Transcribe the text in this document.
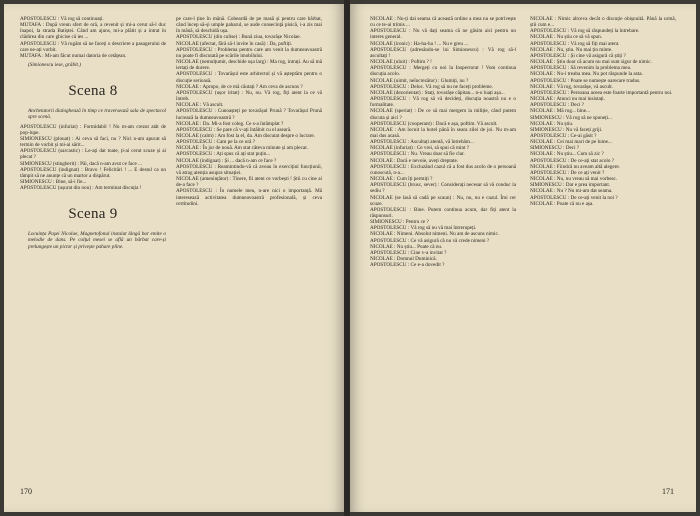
APOSTOLESCU : Vă rog să continuați.

MUTAFA : După vreun sfert de oră, a revenit și mi-a cerut să-l duc înapoi, la strada Batiștei. Când am ajuns, mi-a plătit și a intrat în clădirea din care ghicise că ies ...

APOSTOLESCU : Vă rugăm să ne faceți o descriere a pasagerului de care ne-ați vorbit.

MUTAFA : Mi-am făcut numai datoria de cetățean.

(Simionescu iese, grăbit.)

Scena 8

Anchetatorii dialoghează în timp ce traversează sala de spectacol spre scenă.

APOSTOLESCU (infuriat) : Formidabil ! Nu m-am crezut atât de pop-lupe.

SIMIONESCU (plouat) : Ai ceva să faci, nu ? Nici n-am apucat să termin de vorbit și mi-ai sărit...

APOSTOLESCU (sarcastic) : Le-ați dat toate, ți-ai cerut scuze și ai plecat ?

SIMIONESCU (stingherit) : Păi, dacă n-am avut ce face ...

APOSTOLESCU (indignat) : Bravo ! Felicitări ! ... E destul ca un tâmpit să ne anunțe că un martor a dispărut.

SIMIONESCU : Bine, să-i fie...

APOSTOLESCU (ușurat din nou) : Am terminat discuția !

Scena 9

Locuința Paşei Nicolae, Magnetofonul instalat lângă bar emite o melodie de dans. Pe colțul mesei se află un bărbat care-și prelungește un pictor și privește pahare pline.

pe care-l ține în mână. Cobeardă de pe masă și pentru care bărbat, când încep să-și umple paharul, se aude consecință pisică, i-a zis mai în mână, să deschidă ușa.

APOSTOLESCU (din culise) : Bună ziua, tovarășe Nicolae.

NICOLAE (afectat, fără să-l invite în casă) : Da, poftiți.

APOSTOLESCU : Problema pentru care am venit la dumneavoastră nu poate fi discutată pe scările imobilului.

NICOLAE (nemulțumit, deschide ușa larg) : Ma rog, intrați. Au să mă iertați de durere.

APOSTOLESCU : Tovarășul este arhitectul și vă așteptăm pentru o discuție serioasă.

NICOLAE : Apropo, de ce mă căutați ? Am ceva de ascuns ?

APOSTOLESCU (ușor iritat) : Nu, nu. Vă rog, fiți atent la ce vă întreb.

NICOLAE : Vă ascult.

APOSTOLESCU : Cunoașteți pe tovarășul Prună ? Tovarășul Prună lucrează la dumneavoastră ?

NICOLAE : Da. Mi-a fost coleg. Ce s-a întâmplat ?

APOSTOLESCU : Se pare că v-ați întâlnit cu el aseară.

NICOLAE (calm) : Am fost la el, da. Am discutat despre o lucrare.

APOSTOLESCU : Cam pe la ce oră ?

NICOLAE : În jur de nouă. Am stat câteva minute și am plecat.

APOSTOLESCU : Ați spus că ați stat puțin...

NICOLAE (indignat) : Și ... dacă n-am ce face ?

APOSTOLESCU : Reamintindu-vă că aveau în exercițiul funcțiunii, vă atrag atenția asupra situației.

NICOLAE (amenințător) : Tinere, fii atent ce vorbești ! Știi cu cine ai de-a face ?

APOSTOLESCU : În numele meu, n-are nici o importanță. Mă interesează activitatea dumneavoastră profesională, și ceva certitudini.

170

NICOLAE : Nu-ți dai seama că această ordine a mea nu se potrivește cu ce te-ai trimis ...

APOSTOLESCU : Nu vă dați seama că ne găsim aici pentru un interes general.

NICOLAE (ironic) : Ha-ha-ha ! ... Nu e greu ...

APOSTOLESCU (adresându-se lui Simionescu) : Vă rog să-l ascultați !

NICOLAE (uluit) : Poftim ? !

APOSTOLESCU : Mergeți cu noi la Inspectorat ! Vom continua discuția acolo.

NICOLAE (uimit, neîncrezător) : Glumiți, nu ?

APOSTOLESCU : Deloc. Vă rog să nu ne faceți probleme.

NICOLAE (dezorientat) : Stați, tovarășe căpitan... n-o luați așa...

APOSTOLESCU : Vă rog să vă decideți, discuția noastră nu e o formalitate.

NICOLAE (speriat) : De ce să mai mergem la miliție, când putem discuta și aici ?

APOSTOLESCU (cooperant) : Dacă e așa, poftim. Vă ascult.

NICOLAE : Am locuit la hotel până în seara zilei de joi. Nu m-am mai dus acasă.

APOSTOLESCU : Ascultați atentă, vă întrebăm...

NICOLAE (infuriat) : Ce vrei, să spui că mint ?

APOSTOLESCU : Nu. Vreau doar să fie clar.

NICOLAE : Dacă e nevoie, aveți dreptate.

APOSTOLESCU : Excluzând cazul că a fost dus acolo de o persoană cunoscută, n-a...

NICOLAE : Cum îți permiți ?

APOSTOLESCU (brusc, sever) : Considerați necesar să vă conduc la sediu ?

NICOLAE (se lasă să cadă pe scaun) : Nu, nu, nu e cazul. Îmi cer scuze.

APOSTOLESCU : Bine. Putem continua acum, dar fiți atent la răspunsuri.

SIMIONESCU : Pentru ce ?

APOSTOLESCU : Vă rog să nu vă mai întrerupeți.

NICOLAE : Nimeni. Absolut nimeni. Nu am de ascuns nimic.

APOSTOLESCU : Ce vă asigură că nu vă crede nimeni ?

NICOLAE : Nu știu... Poate că nu.

APOSTOLESCU : Cine v-a invitat ?

NICOLAE : Domnul Duminică.

APOSTOLESCU : Ce e-a dovedit ?

NICOLAE : Nimic altceva decât o discuție obișnuită. Până la urmă, știi cum e...

APOSTOLESCU : Vă rog să răspundeți la întrebare.

NICOLAE : Nu știu ce să vă spun.

APOSTOLESCU : Vă rog să fiți mai atent.

NICOLAE : Nu, știu. Nu mai țin minte.

APOSTOLESCU : Și cine vă asigură că știți ?

NICOLAE : Știu doar că acum nu mai sunt sigur de nimic.

APOSTOLESCU : Să revenim la problema mea.

NICOLAE : Nu-i treaba mea. Nu pot răspunde la asta.

APOSTOLESCU : Poate se numește oarecare tradus.

NICOLAE : Vă rog, tovarășe, vă ascult.

APOSTOLESCU : Persoana aceea este foarte importantă pentru noi.

NICOLAE : Atunci nu mai insistați.

APOSTOLESCU : Deci ?

NICOLAE : Mă rog... bine...

SIMIONESCU : Vă rog să ne spuneți...

NICOLAE : Nu știu.

SIMIONESCU : Nu vă faceți griji.

APOSTOLESCU : Ce-ai găsit ?

NICOLAE : Cei mai mari de pe lume...

SIMIONESCU : Deci ?

NICOLAE : Nu știu... Cum să zic ?

APOSTOLESCU : De ce-ați stat acolo ?

NICOLAE : Fiindcă nu aveam altă alegere.

APOSTOLESCU : De ce ați venit ?

NICOLAE : Nu, nu vreau să mai vorbesc.

SIMIONESCU : Dar e prea important.

NICOLAE : Nu ? Nu mi-am dat seama.

APOSTOLESCU : De ce-ați venit la noi ?

NICOLAE : Poate că nu e așa.

171
